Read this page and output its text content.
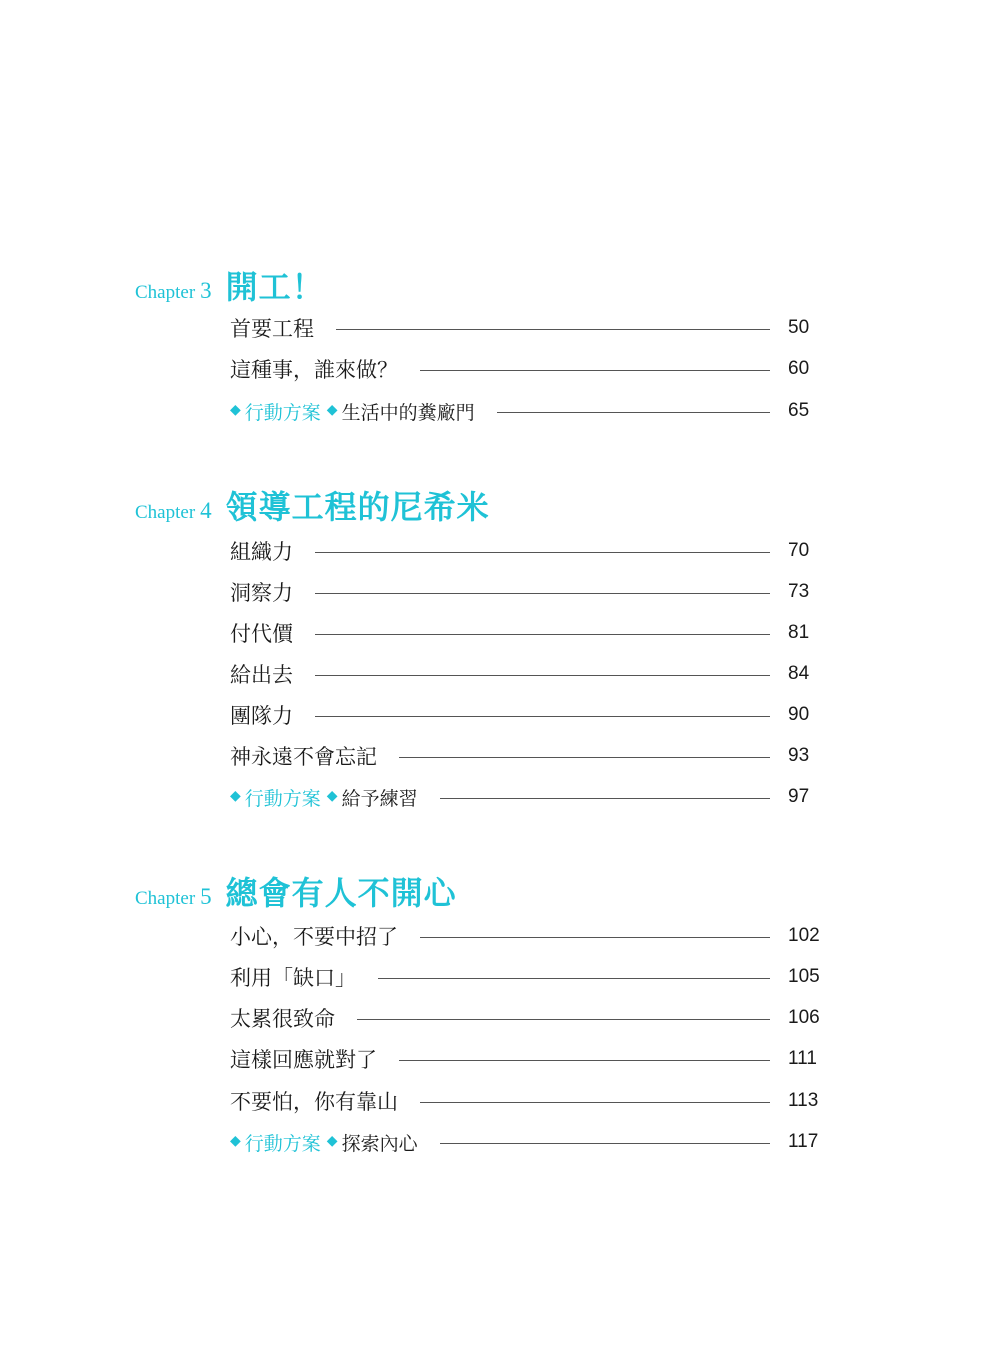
Chapter 3 開工！
首要工程	50
這種事，誰來做？	60
◆ 行動方案 ◆ 生活中的糞廠門	65
Chapter 4 領導工程的尼希米
組織力	70
洞察力	73
付代價	81
給出去	84
團隊力	90
神永遠不會忘記	93
◆ 行動方案 ◆ 給予練習	97
Chapter 5 總會有人不開心
小心，不要中招了	102
利用「缺口」	105
太累很致命	106
這樣回應就對了	111
不要怕，你有靠山	113
◆ 行動方案 ◆ 探索內心	117
